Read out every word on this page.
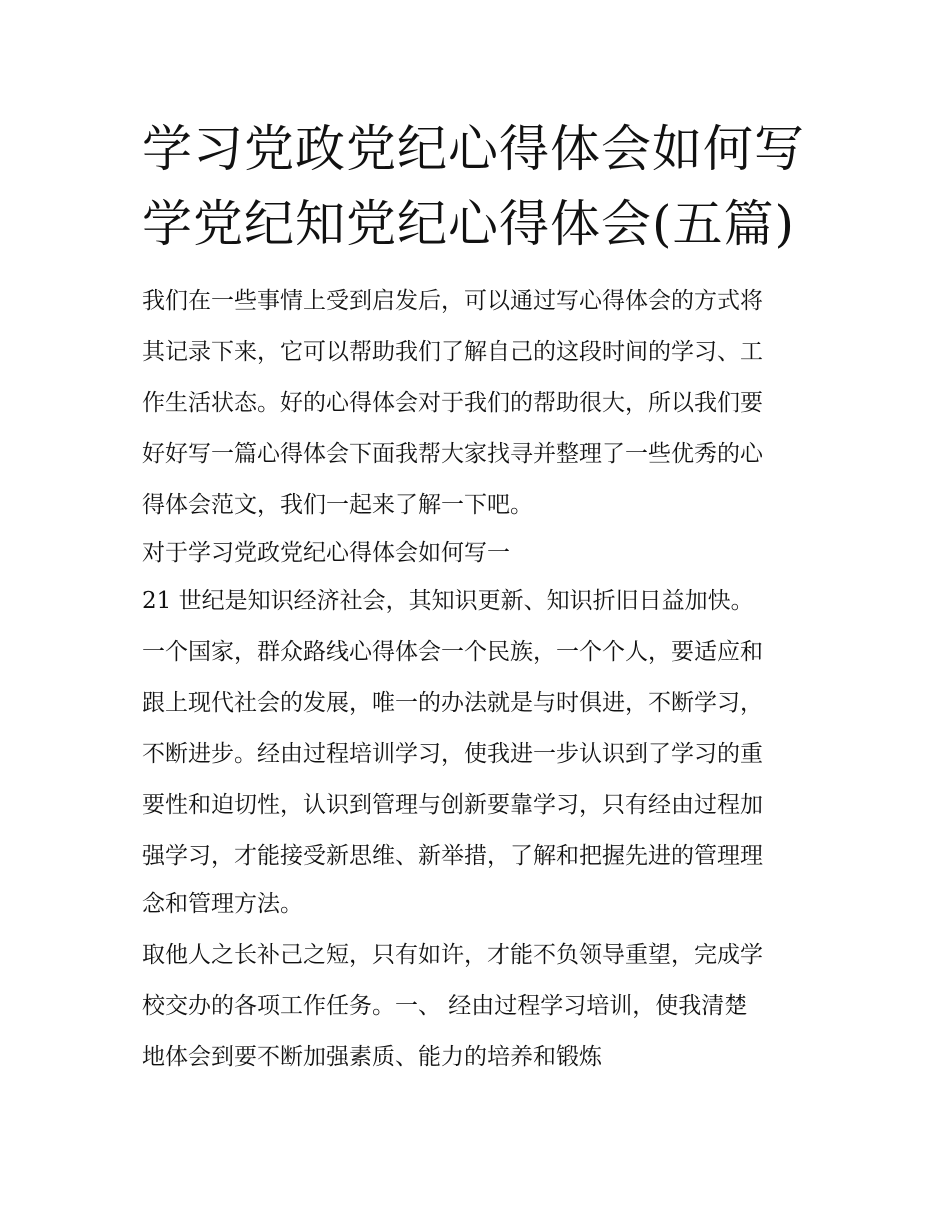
学习党政党纪心得体会如何写
学党纪知党纪心得体会(五篇)
我们在一些事情上受到启发后，可以通过写心得体会的方式将
其记录下来，它可以帮助我们了解自己的这段时间的学习、工
作生活状态。好的心得体会对于我们的帮助很大，所以我们要
好好写一篇心得体会下面我帮大家找寻并整理了一些优秀的心
得体会范文，我们一起来了解一下吧。
对于学习党政党纪心得体会如何写一
21 世纪是知识经济社会，其知识更新、知识折旧日益加快。
一个国家，群众路线心得体会一个民族，一个个人，要适应和
跟上现代社会的发展，唯一的办法就是与时俱进，不断学习，
不断进步。经由过程培训学习，使我进一步认识到了学习的重
要性和迫切性，认识到管理与创新要靠学习，只有经由过程加
强学习，才能接受新思维、新举措，了解和把握先进的管理理
念和管理方法。
取他人之长补己之短，只有如许，才能不负领导重望，完成学
校交办的各项工作任务。一、 经由过程学习培训，使我清楚
地体会到要不断加强素质、能力的培养和锻炼
